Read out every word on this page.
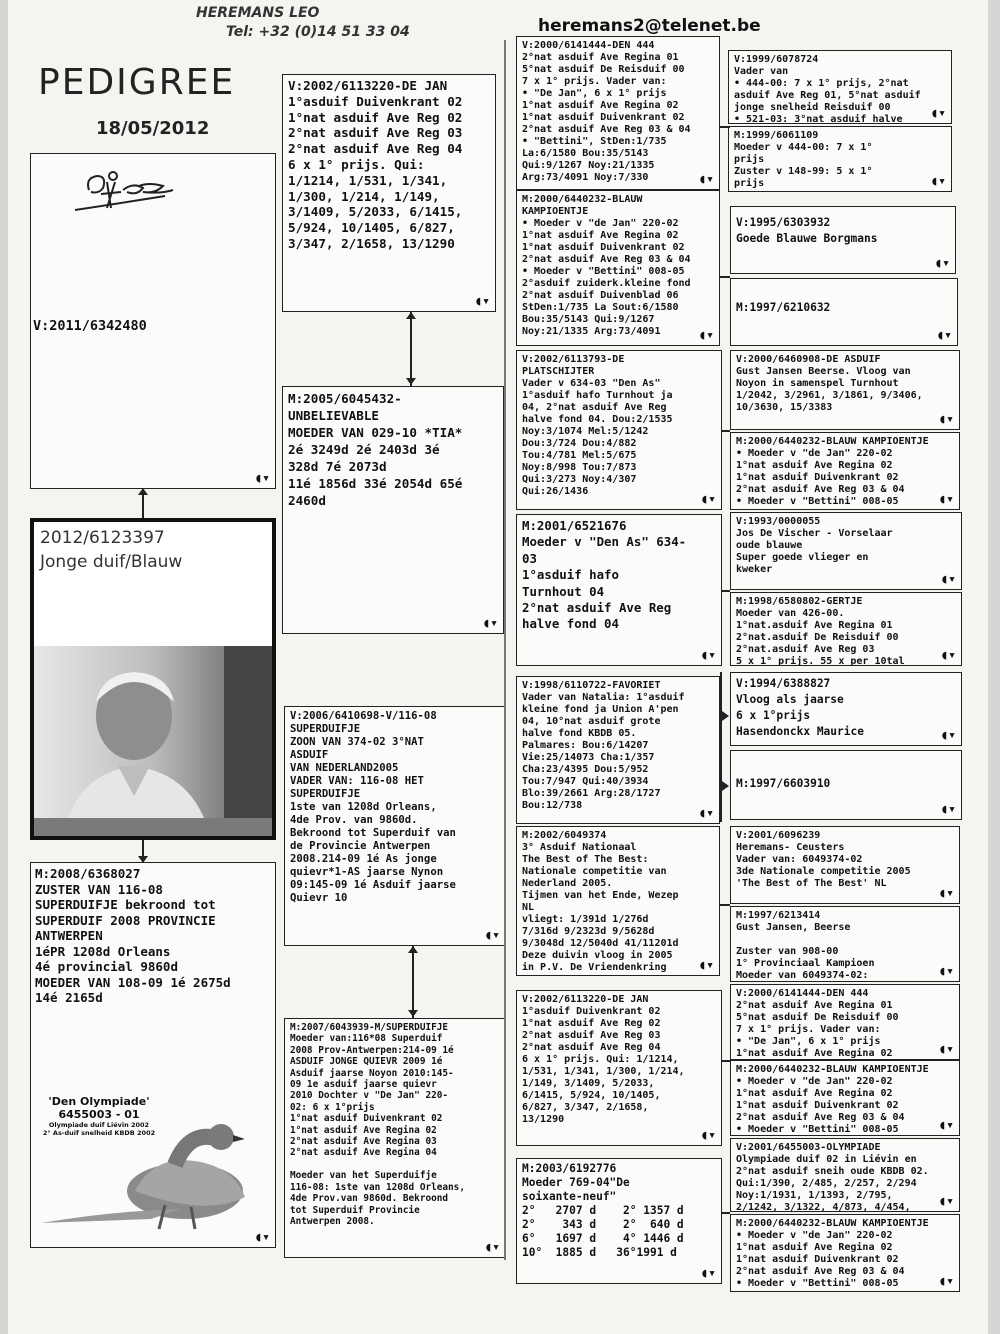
HEREMANS LEO
Tel: +32 (0)14 51 33 04	heremans2@telenet.be
PEDIGREE
18/05/2012
V:2011/6342480
◖▾
2012/6123397
Jonge duif/Blauw
M:2008/6368027
ZUSTER VAN 116-08
SUPERDUIFJE bekroond tot
SUPERDUIF 2008 PROVINCIE
ANTWERPEN
1éPR 1208d Orleans
4é provincial 9860d
MOEDER VAN 108-09 1é 2675d
14é 2165d
'Den Olympiade'
6455003 - 01
Olympiade duif Liévin 2002
2° As-duif snelheid KBDB 2002
◖▾
V:2002/6113220-DE JAN
1°asduif Duivenkrant 02
1°nat asduif Ave Reg 02
2°nat asduif Ave Reg 03
2°nat asduif Ave Reg 04
6 x 1° prijs. Qui:
1/1214, 1/531, 1/341,
1/300, 1/214, 1/149,
3/1409, 5/2033, 6/1415,
5/924, 10/1405, 6/827,
3/347, 2/1658, 13/1290
◖▾
M:2005/6045432-
UNBELIEVABLE
MOEDER VAN 029-10 *TIA*
2é 3249d 2é 2403d 3é
328d 7é 2073d
11é 1856d 33é 2054d 65é
2460d
◖▾
V:2006/6410698-V/116-08
SUPERDUIFJE
ZOON VAN 374-02 3°NAT
ASDUIF
VAN NEDERLAND2005
VADER VAN: 116-08 HET
SUPERDUIFJE
1ste van 1208d Orleans,
4de Prov. van 9860d.
Bekroond tot Superduif van
de Provincie Antwerpen
2008.214-09 1é As jonge
quievr*1-AS jaarse Nynon
09:145-09 1é Asduif jaarse
Quievr 10
◖▾
M:2007/6043939-M/SUPERDUIFJE
Moeder van:116*08 Superduif
2008 Prov-Antwerpen:214-09 1é
ASDUIF JONGE QUIEVR 2009 1é
Asduif jaarse Noyon 2010:145-
09 1e asduif jaarse quievr
2010 Dochter v "De Jan" 220-
02: 6 x 1°prijs
1°nat asduif Duivenkrant 02
1°nat asduif Ave Regina 02
2°nat asduif Ave Regina 03
2°nat asduif Ave Regina 04

Moeder van het Superduifje
116-08: 1ste van 1208d Orleans,
4de Prov.van 9860d. Bekroond
tot Superduif Provincie
Antwerpen 2008.
◖▾
V:2000/6141444-DEN 444
2°nat asduif Ave Regina 01
5°nat asduif De Reisduif 00
7 x 1° prijs. Vader van:
• "De Jan", 6 x 1° prijs
1°nat asduif Ave Regina 02
1°nat asduif Duivenkrant 02
2°nat asduif Ave Reg 03 & 04
• "Bettini", StDen:1/735
La:6/1580 Bou:35/5143
Qui:9/1267 Noy:21/1335
Arg:73/4091 Noy:7/330	◖▾
M:2000/6440232-BLAUW
KAMPIOENTJE
• Moeder v "de Jan" 220-02
1°nat asduif Ave Regina 02
1°nat asduif Duivenkrant 02
2°nat asduif Ave Reg 03 & 04
• Moeder v "Bettini" 008-05
2°asduif zuiderk.kleine fond
2°nat asduif Duivenblad 06
StDen:1/735 La Sout:6/1580
Bou:35/5143 Qui:9/1267
Noy:21/1335 Arg:73/4091	◖▾
V:2002/6113793-DE
PLATSCHIJTER
Vader v 634-03 "Den As"
1°asduif hafo Turnhout ja
04, 2°nat asduif Ave Reg
halve fond 04. Dou:2/1535
Noy:3/1074 Mel:5/1242
Dou:3/724 Dou:4/882
Tou:4/781 Mel:5/675
Noy:8/998 Tou:7/873
Qui:3/273 Noy:4/307
Qui:26/1436
◖▾
M:2001/6521676
Moeder v "Den As" 634-
03
1°asduif hafo
Turnhout 04
2°nat asduif Ave Reg
halve fond 04
◖▾
V:1998/6110722-FAVORIET
Vader van Natalia: 1°asduif
kleine fond ja Union A'pen
04, 10°nat asduif grote
halve fond KBDB 05.
Palmares: Bou:6/14207
Vie:25/14073 Cha:1/357
Cha:23/4395 Dou:5/952
Tou:7/947 Qui:40/3934
Blo:39/2661 Arg:28/1727
Bou:12/738
◖▾
M:2002/6049374
3° Asduif Nationaal
The Best of The Best:
Nationale competitie van
Nederland 2005.
Tijmen van het Ende, Wezep
NL
vliegt: 1/391d 1/276d
7/316d 9/2323d 9/5628d
9/3048d 12/5040d 41/11201d
Deze duivin vloog in 2005
in P.V. De Vriendenkring	◖▾
V:2002/6113220-DE JAN
1°asduif Duivenkrant 02
1°nat asduif Ave Reg 02
2°nat asduif Ave Reg 03
2°nat asduif Ave Reg 04
6 x 1° prijs. Qui: 1/1214,
1/531, 1/341, 1/300, 1/214,
1/149, 3/1409, 5/2033,
6/1415, 5/924, 10/1405,
6/827, 3/347, 2/1658,
13/1290
◖▾
M:2003/6192776
Moeder 769-04"De
soixante-neuf"
2°   2707 d    2° 1357 d
2°    343 d    2°  640 d
6°   1697 d    4° 1446 d
10°  1885 d   36°1991 d
◖▾
V:1999/6078724
Vader van
• 444-00: 7 x 1° prijs, 2°nat
asduif Ave Reg 01, 5°nat asduif
jonge snelheid Reisduif 00
• 521-03: 3°nat asduif halve	◖▾
M:1999/6061109
Moeder v 444-00: 7 x 1°
prijs
Zuster v 148-99: 5 x 1°
prijs	◖▾
V:1995/6303932
Goede Blauwe Borgmans
◖▾
M:1997/6210632
◖▾
V:2000/6460908-DE ASDUIF
Gust Jansen Beerse. Vloog van
Noyon in samenspel Turnhout
1/2042, 3/2961, 3/1861, 9/3406,
10/3630, 15/3383
◖▾
M:2000/6440232-BLAUW KAMPIOENTJE
• Moeder v "de Jan" 220-02
1°nat asduif Ave Regina 02
1°nat asduif Duivenkrant 02
2°nat asduif Ave Reg 03 & 04
• Moeder v "Bettini" 008-05	◖▾
V:1993/0000055
Jos De Vischer - Vorselaar
oude blauwe
Super goede vlieger en
kweker
◖▾
M:1998/6580802-GERTJE
Moeder van 426-00.
1°nat.asduif Ave Regina 01
2°nat.asduif De Reisduif 00
2°nat.asduif Ave Reg 03
5 x 1° prijs. 55 x per 10tal	◖▾
V:1994/6388827
Vloog als jaarse
6 x 1°prijs
Hasendonckx Maurice	◖▾
M:1997/6603910
◖▾
V:2001/6096239
Heremans- Ceusters
Vader van: 6049374-02
3de Nationale competitie 2005
'The Best of The Best' NL
◖▾
M:1997/6213414
Gust Jansen, Beerse

Zuster van 908-00
1° Provinciaal Kampioen
Moeder van 6049374-02:	◖▾
V:2000/6141444-DEN 444
2°nat asduif Ave Regina 01
5°nat asduif De Reisduif 00
7 x 1° prijs. Vader van:
• "De Jan", 6 x 1° prijs
1°nat asduif Ave Regina 02	◖▾
M:2000/6440232-BLAUW KAMPIOENTJE
• Moeder v "de Jan" 220-02
1°nat asduif Ave Regina 02
1°nat asduif Duivenkrant 02
2°nat asduif Ave Reg 03 & 04
• Moeder v "Bettini" 008-05	◖▾
V:2001/6455003-OLYMPIADE
Olympiade duif 02 in Liévin en
2°nat asduif sneih oude KBDB 02.
Qui:1/390, 2/485, 2/257, 2/294
Noy:1/1931, 1/1393, 2/795,
2/1242, 3/1322, 4/873, 4/454,	◖▾
M:2000/6440232-BLAUW KAMPIOENTJE
• Moeder v "de Jan" 220-02
1°nat asduif Ave Regina 02
1°nat asduif Duivenkrant 02
2°nat asduif Ave Reg 03 & 04
• Moeder v "Bettini" 008-05	◖▾
